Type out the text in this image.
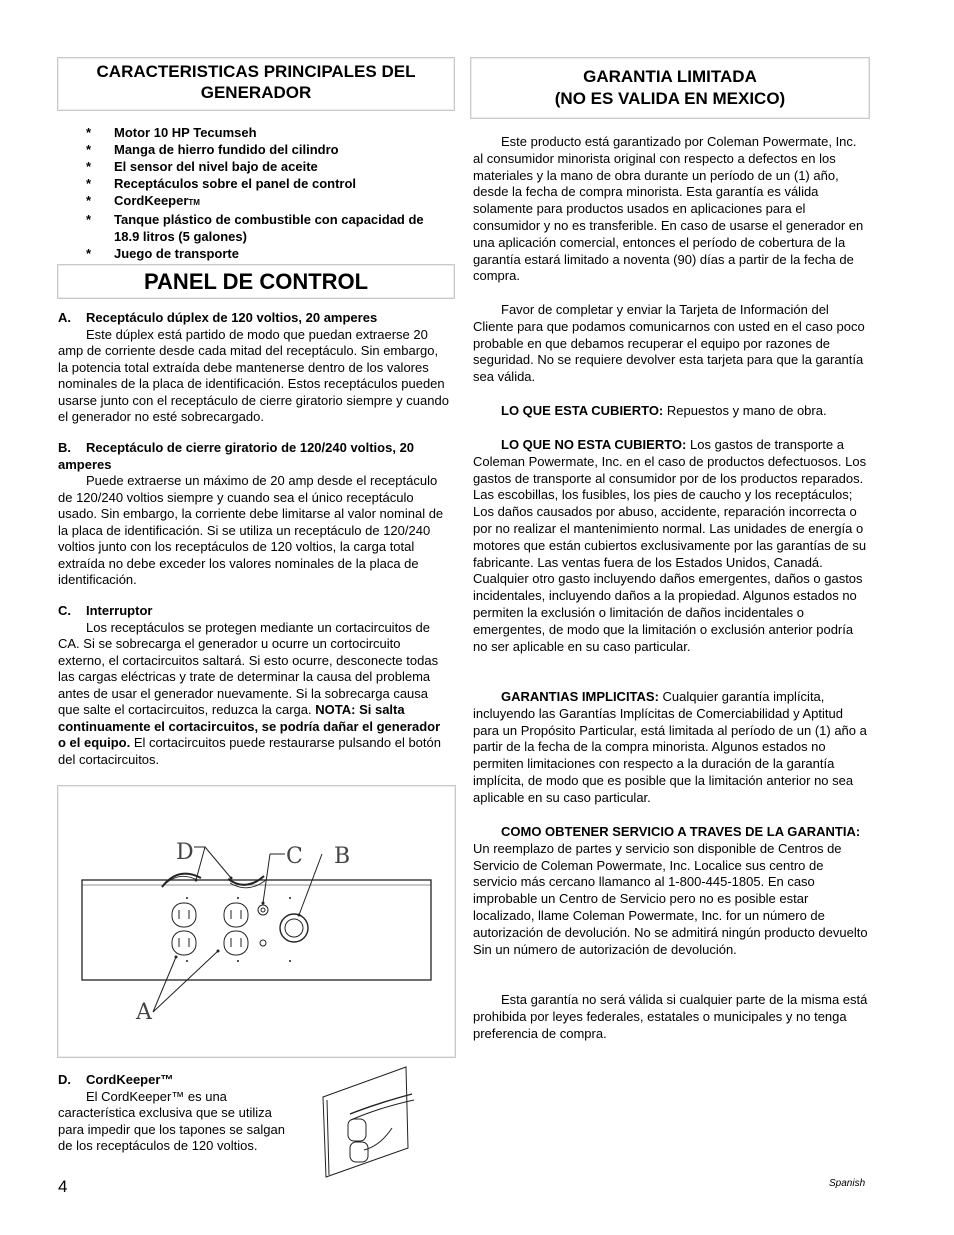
CARACTERISTICAS PRINCIPALES DEL GENERADOR
*	Motor 10 HP Tecumseh
*	Manga de hierro fundido del cilindro
*	El sensor del nivel bajo de aceite
*	Receptáculos sobre el panel de control
*	CordKeeperTM
*	Tanque plástico de combustible con capacidad de 18.9 litros (5 galones)
*	Juego de transporte
PANEL DE CONTROL
A. Receptáculo dúplex de 120 voltios, 20 amperes
Este dúplex está partido de modo que puedan extraerse 20 amp de corriente desde cada mitad del receptáculo. Sin embargo, la potencia total extraída debe mantenerse dentro de los valores nominales de la placa de identificación. Estos receptáculos pueden usarse junto con el receptáculo de cierre giratorio siempre y cuando el generador no esté sobrecargado.
B. Receptáculo de cierre giratorio de 120/240 voltios, 20 amperes
Puede extraerse un máximo de 20 amp desde el receptáculo de 120/240 voltios siempre y cuando sea el único receptáculo usado. Sin embargo, la corriente debe limitarse al valor nominal de la placa de identificación. Si se utiliza un receptáculo de 120/240 voltios junto con los receptáculos de 120 voltios, la carga total extraída no debe exceder los valores nominales de la placa de identificación.
C. Interruptor
Los receptáculos se protegen mediante un cortacircuitos de CA. Si se sobrecarga el generador u ocurre un cortocircuito externo, el cortacircuitos saltará. Si esto ocurre, desconecte todas las cargas eléctricas y trate de determinar la causa del problema antes de usar el generador nuevamente. Si la sobrecarga causa que salte el cortacircuitos, reduzca la carga. NOTA: Si salta continuamente el cortacircuitos, se podría dañar el generador o el equipo. El cortacircuitos puede restaurarse pulsando el botón del cortacircuitos.
D	C B
A
D. CordKeeper™
El CordKeeper™ es una característica exclusiva que se utiliza para impedir que los tapones se salgan de los receptáculos de 120 voltios.
GARANTIA LIMITADA
(NO ES VALIDA EN MEXICO)

Este producto está garantizado por Coleman Powermate, Inc. al consumidor minorista original con respecto a defectos en los materiales y la mano de obra durante un período de un (1) año, desde la fecha de compra minorista. Esta garantía es válida solamente para productos usados en aplicaciones para el consumidor y no es transferible. En caso de usarse el generador en una aplicación comercial, entonces el período de cobertura de la garantía estará limitado a noventa (90) días a partir de la fecha de compra.

Favor de completar y enviar la Tarjeta de Información del Cliente para que podamos comunicarnos con usted en el caso poco probable en que debamos recuperar el equipo por razones de seguridad. No se requiere devolver esta tarjeta para que la garantía sea válida.

LO QUE ESTA CUBIERTO: Repuestos y mano de obra.

LO QUE NO ESTA CUBIERTO: Los gastos de transporte a Coleman Powermate, Inc. en el caso de productos defectuosos. Los gastos de transporte al consumidor por de los productos reparados. Las escobillas, los fusibles, los pies de caucho y los receptáculos; Los daños causados por abuso, accidente, reparación incorrecta o por no realizar el mantenimiento normal. Las unidades de energía o motores que están cubiertos exclusivamente por las garantías de su fabricante. Las ventas fuera de los Estados Unidos, Canadá. Cualquier otro gasto incluyendo daños emergentes, daños o gastos incidentales, incluyendo daños a la propiedad. Algunos estados no permiten la exclusión o limitación de daños incidentales o emergentes, de modo que la limitación o exclusión anterior podría no ser aplicable en su caso particular.

GARANTIAS IMPLICITAS: Cualquier garantía implícita, incluyendo las Garantías Implícitas de Comerciabilidad y Aptitud para un Propósito Particular, está limitada al período de un (1) año a partir de la fecha de la compra minorista. Algunos estados no permiten limitaciones con respecto a la duración de la garantía implícita, de modo que es posible que la limitación anterior no sea aplicable en su caso particular.

COMO OBTENER SERVICIO A TRAVES DE LA GARANTIA: Un reemplazo de partes y servicio son disponible de Centros de Servicio de Coleman Powermate, Inc. Localice sus centro de servicio más cercano llamanco al 1-800-445-1805. En caso improbable un Centro de Servicio pero no es posible estar localizado, llame Coleman Powermate, Inc. for un número de autorización de devolución. No se admitirá ningún producto devuelto Sin un número de autorización de devolución.

Esta garantía no será válida si cualquier parte de la misma está prohibida por leyes federales, estatales o municipales y no tenga preferencia de compra.

4	Spanish
